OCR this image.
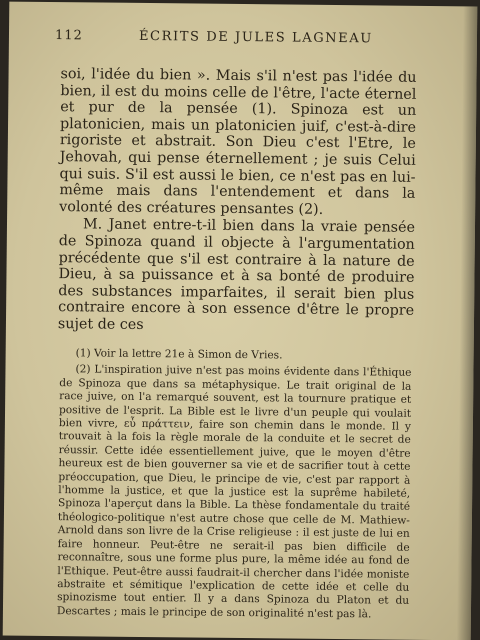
112	ÉCRITS DE JULES LAGNEAU

soi, l'idée du bien ». Mais s'il n'est pas l'idée du bien, il est du moins celle de l'être, l'acte éternel et pur de la pensée (1). Spinoza est un platonicien, mais un platonicien juif, c'est-à-dire rigoriste et abstrait. Son Dieu c'est l'Etre, le Jehovah, qui pense éternellement ; je suis Celui qui suis. S'il est aussi le bien, ce n'est pas en lui-même mais dans l'entendement et dans la volonté des créatures pensantes (2).

M. Janet entre-t-il bien dans la vraie pensée de Spinoza quand il objecte à l'argumentation précédente que s'il est contraire à la nature de Dieu, à sa puissance et à sa bonté de produire des substances imparfaites, il serait bien plus contraire encore à son essence d'être le propre sujet de ces

(1) Voir la lettre 21e à Simon de Vries.

(2) L'inspiration juive n'est pas moins évidente dans l'Éthique de Spinoza que dans sa métaphysique. Le trait original de la race juive, on l'a remarqué souvent, est la tournure pratique et positive de l'esprit. La Bible est le livre d'un peuple qui voulait bien vivre, εὖ πράττειν, faire son chemin dans le monde. Il y trouvait à la fois la règle morale de la conduite et le secret de réussir. Cette idée essentiellement juive, que le moyen d'être heureux est de bien gouverner sa vie et de sacrifier tout à cette préoccupation, que Dieu, le principe de vie, c'est par rapport à l'homme la justice, et que la justice est la suprême habileté, Spinoza l'aperçut dans la Bible. La thèse fondamentale du traité théologico-politique n'est autre chose que celle de M. Mathiew-Arnold dans son livre de la Crise religieuse : il est juste de lui en faire honneur. Peut-être ne serait-il pas bien difficile de reconnaître, sous une forme plus pure, la même idée au fond de l'Ethique. Peut-être aussi faudrait-il chercher dans l'idée moniste abstraite et sémitique l'explication de cette idée et celle du spinozisme tout entier. Il y a dans Spinoza du Platon et du Descartes ; mais le principe de son originalité n'est pas là.
